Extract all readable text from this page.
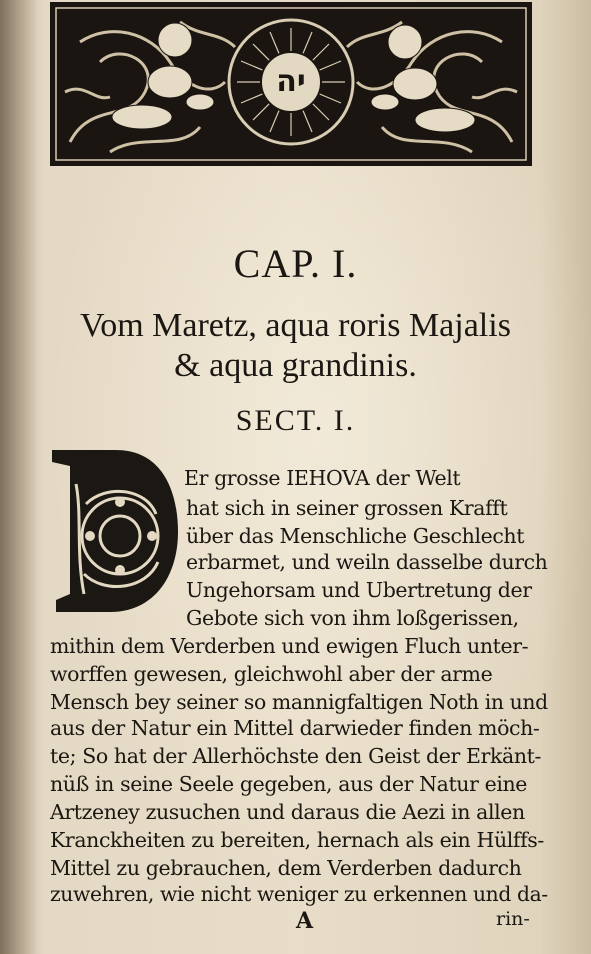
יה
CAP. I.
Vom Maretz, aqua roris Majalis
& aqua grandinis.
SECT. I.
Er grosse IEHOVA der Welt
hat sich in seiner grossen Krafft
über das Menschliche Geschlecht
erbarmet, und weiln dasselbe durch
Ungehorsam und Ubertretung der
Gebote sich von ihm loßgerissen,
mithin dem Verderben und ewigen Fluch unter-
worffen gewesen, gleichwohl aber der arme
Mensch bey seiner so mannigfaltigen Noth in und
aus der Natur ein Mittel darwieder finden möch-
te; So hat der Allerhöchste den Geist der Erkänt-
nüß in seine Seele gegeben, aus der Natur eine
Artzeney zusuchen und daraus die Aezi in allen
Kranckheiten zu bereiten, hernach als ein Hülffs-
Mittel zu gebrauchen, dem Verderben dadurch
zuwehren, wie nicht weniger zu erkennen und da-
A	rin-
